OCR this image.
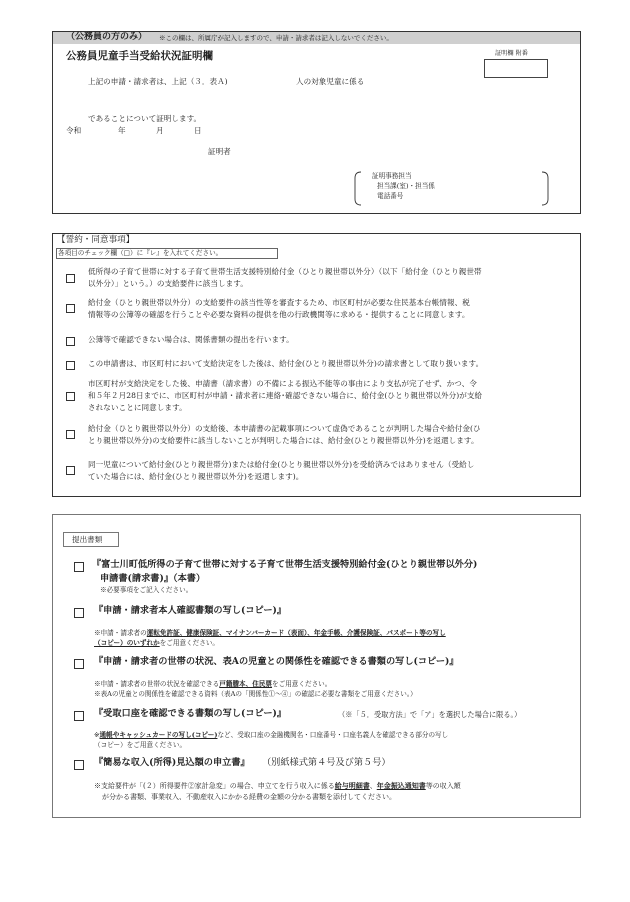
（公務員の方のみ） ※この欄は、所属庁が記入しますので、申請・請求者は記入しないでください。
公務員児童手当受給状況証明欄	証明欄 附番
上記の申請・請求者は、上記（３．表Ａ)	人の対象児童に係る
であることについて証明します。
令和	年	月	日
証明者
証明事務担当
担当課(室)・担当係
電話番号
【誓約・同意事項】
各項目のチェック欄（□）に『レ』を入れてください。
低所得の子育て世帯に対する子育て世帯生活支援特別給付金（ひとり親世帯以外分）（以下「給付金（ひとり親世帯
以外分）」という。）の支給要件に該当します。
給付金（ひとり親世帯以外分）の支給要件の該当性等を審査するため、市区町村が必要な住民基本台帳情報、税
情報等の公簿等の確認を行うことや必要な資料の提供を他の行政機関等に求める・提供することに同意します。
公簿等で確認できない場合は、関係書類の提出を行います。
この申請書は、市区町村において支給決定をした後は、給付金(ひとり親世帯以外分)の請求書として取り扱います。
市区町村が支給決定をした後、申請書（請求書）の不備による振込不能等の事由により支払が完了せず、かつ、令
和５年２月28日までに、市区町村が申請・請求者に連絡･確認できない場合に、給付金(ひとり親世帯以外分)が支給
されないことに同意します。
給付金（ひとり親世帯以外分）の支給後、本申請書の記載事項について虚偽であることが判明した場合や給付金(ひ
とり親世帯以外分)の支給要件に該当しないことが判明した場合には、給付金(ひとり親世帯以外分)を返還します。
同一児童について給付金(ひとり親世帯分)または給付金(ひとり親世帯以外分)を受給済みではありません（受給し
ていた場合には、給付金(ひとり親世帯以外分)を返還します)。
提出書類
『富士川町低所得の子育て世帯に対する子育て世帯生活支援特別給付金(ひとり親世帯以外分)
申請書(請求書)』（本書）
※必要事項をご記入ください。
『申請・請求者本人確認書類の写し(コピー)』
※申請・請求者の運転免許証、健康保険証、マイナンバーカード（表面）、年金手帳、介護保険証、パスポート等の写し
（コピー）のいずれかをご用意ください。
『申請・請求者の世帯の状況、表Aの児童との関係性を確認できる書類の写し(コピー)』
※申請・請求者の世帯の状況を確認できる戸籍謄本、住民票をご用意ください。
※表Aの児童との関係性を確認できる資料（表Aの「関係性①～④」の確認に必要な書類をご用意ください。）
『受取口座を確認できる書類の写し(コピー)』	（※「５．受取方法」で「ア」を選択した場合に限る。）
※通帳やキャッシュカードの写し(コピー)など、受取口座の金融機関名・口座番号・口座名義人を確認できる部分の写し
（コピー）をご用意ください。
『簡易な収入(所得)見込額の申立書』 （別紙様式第４号及び第５号）
※支給要件が「(２）所得要件②家計急変」の場合、申立てを行う収入に係る給与明細書、年金振込通知書等の収入額
が分かる書類、事業収入、不動産収入にかかる経費の金額の分かる書類を添付してください。
